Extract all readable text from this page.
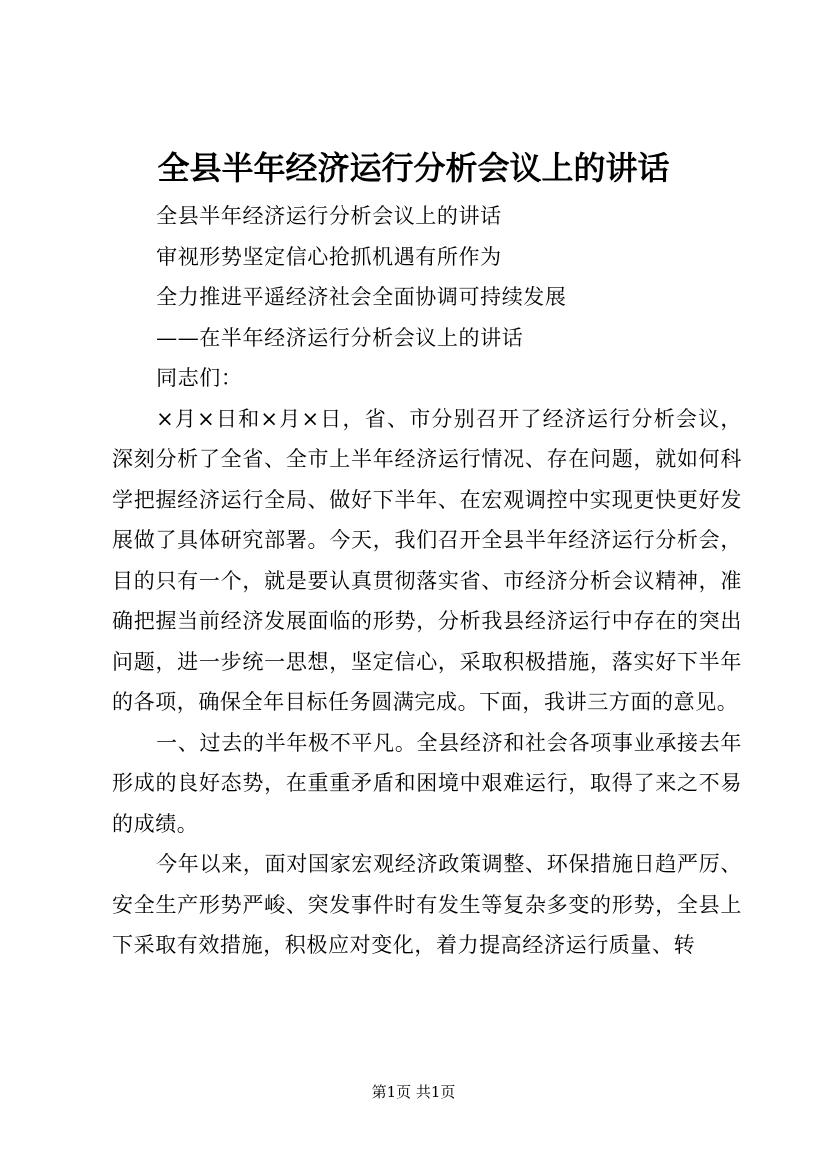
全县半年经济运行分析会议上的讲话

全县半年经济运行分析会议上的讲话

审视形势坚定信心抢抓机遇有所作为

全力推进平遥经济社会全面协调可持续发展

——在半年经济运行分析会议上的讲话

同志们：

×月×日和×月×日，省、市分别召开了经济运行分析会议，深刻分析了全省、全市上半年经济运行情况、存在问题，就如何科学把握经济运行全局、做好下半年、在宏观调控中实现更快更好发展做了具体研究部署。今天，我们召开全县半年经济运行分析会，目的只有一个，就是要认真贯彻落实省、市经济分析会议精神，准确把握当前经济发展面临的形势，分析我县经济运行中存在的突出问题，进一步统一思想，坚定信心，采取积极措施，落实好下半年的各项，确保全年目标任务圆满完成。下面，我讲三方面的意见。

一、过去的半年极不平凡。全县经济和社会各项事业承接去年形成的良好态势，在重重矛盾和困境中艰难运行，取得了来之不易的成绩。

今年以来，面对国家宏观经济政策调整、环保措施日趋严厉、安全生产形势严峻、突发事件时有发生等复杂多变的形势，全县上下采取有效措施，积极应对变化，着力提高经济运行质量、转

第1页 共1页
